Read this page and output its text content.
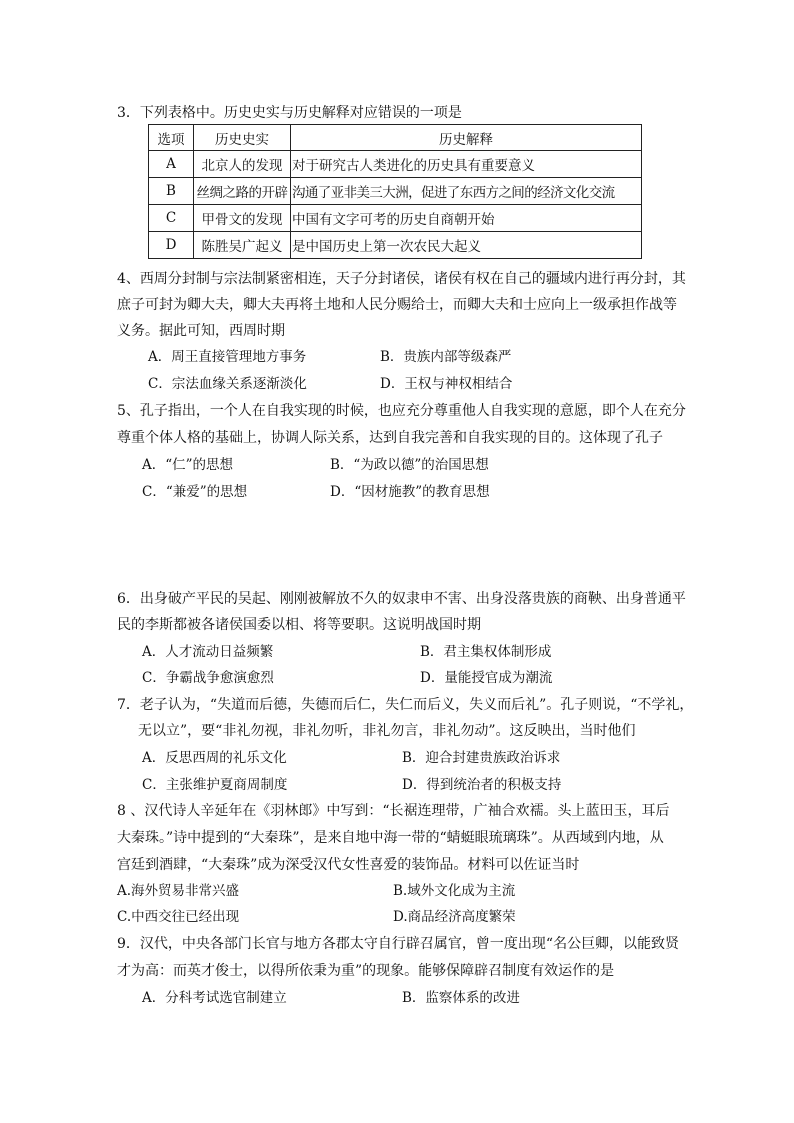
3．下列表格中。历史史实与历史解释对应错误的一项是
选项	历史史实	历史解释
A	北京人的发现	对于研究古人类进化的历史具有重要意义
B	丝绸之路的开辟	沟通了亚非美三大洲，促进了东西方之间的经济文化交流
C	甲骨文的发现	中国有文字可考的历史自商朝开始
D	陈胜吴广起义	是中国历史上第一次农民大起义
4、西周分封制与宗法制紧密相连，天子分封诸侯，诸侯有权在自己的疆域内进行再分封，其
庶子可封为卿大夫，卿大夫再将土地和人民分赐给士，而卿大夫和士应向上一级承担作战等
义务。据此可知，西周时期
A．周王直接管理地方事务	B．贵族内部等级森严
C．宗法血缘关系逐渐淡化	D．王权与神权相结合
5、孔子指出，一个人在自我实现的时候，也应充分尊重他人自我实现的意愿，即个人在充分
尊重个体人格的基础上，协调人际关系，达到自我完善和自我实现的目的。这体现了孔子
A．“仁”的思想	B．“为政以德”的治国思想
C．“兼爱”的思想	D．“因材施教”的教育思想
6．出身破产平民的吴起、刚刚被解放不久的奴隶申不害、出身没落贵族的商鞅、出身普通平
民的李斯都被各诸侯国委以相、将等要职。这说明战国时期
A．人才流动日益频繁	B．君主集权体制形成
C．争霸战争愈演愈烈	D．量能授官成为潮流
7．老子认为，“失道而后德，失德而后仁，失仁而后义，失义而后礼”。孔子则说，“不学礼，
无以立”，要“非礼勿视，非礼勿听，非礼勿言，非礼勿动”。这反映出，当时他们
A．反思西周的礼乐文化	B．迎合封建贵族政治诉求
C．主张维护夏商周制度	D．得到统治者的积极支持
8 、汉代诗人辛延年在《羽林郎》中写到：“长裾连理带，广袖合欢襦。头上蓝田玉，耳后
大秦珠。”诗中提到的“大秦珠”，是来自地中海一带的“蜻蜓眼琉璃珠”。从西域到内地，从
宫廷到酒肆，“大秦珠”成为深受汉代女性喜爱的装饰品。材料可以佐证当时
A.海外贸易非常兴盛	B.域外文化成为主流
C.中西交往已经出现	D.商品经济高度繁荣
9．汉代，中央各部门长官与地方各郡太守自行辟召属官，曾一度出现“名公巨卿，以能致贤
才为高：而英才俊士，以得所依秉为重”的现象。能够保障辟召制度有效运作的是
A．分科考试选官制建立	B．监察体系的改进
